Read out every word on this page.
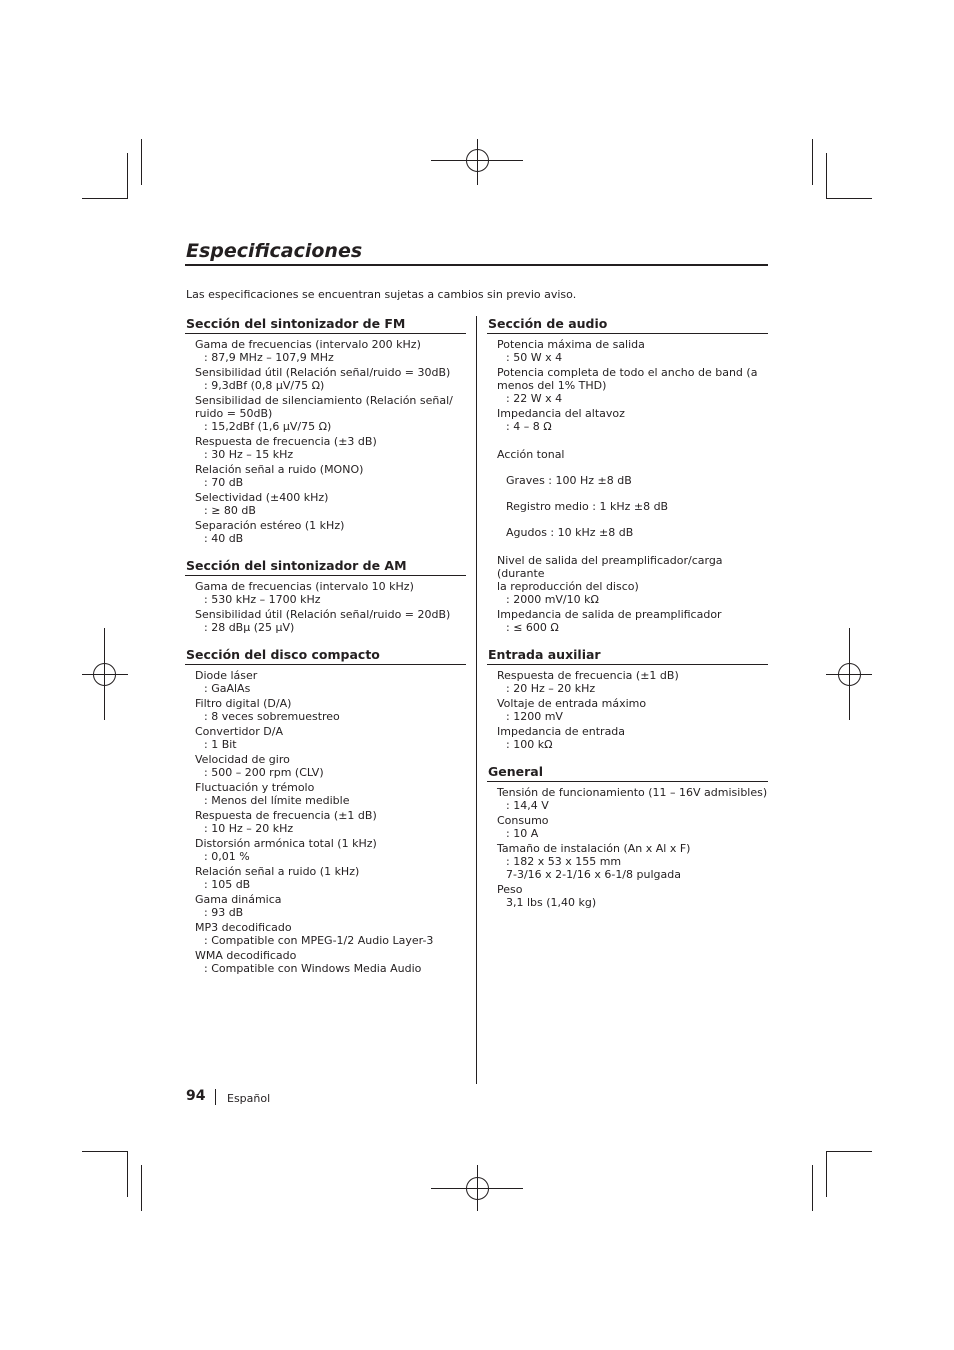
Especificaciones
Las especificaciones se encuentran sujetas a cambios sin previo aviso.
Sección del sintonizador de FM
Gama de frecuencias (intervalo 200 kHz)
: 87,9 MHz – 107,9 MHz
Sensibilidad útil (Relación señal/ruido = 30dB)
: 9,3dBf (0,8 μV/75 Ω)
Sensibilidad de silenciamiento (Relación señal/
ruido = 50dB)
: 15,2dBf (1,6 μV/75 Ω)
Respuesta de frecuencia (±3 dB)
: 30 Hz – 15 kHz
Relación señal a ruido (MONO)
: 70 dB
Selectividad (±400 kHz)
: ≥ 80 dB
Separación estéreo (1 kHz)
: 40 dB
Sección del sintonizador de AM
Gama de frecuencias (intervalo 10 kHz)
: 530 kHz – 1700 kHz
Sensibilidad útil (Relación señal/ruido = 20dB)
: 28 dBμ (25 μV)
Sección del disco compacto
Diode láser
: GaAlAs
Filtro digital (D/A)
: 8 veces sobremuestreo
Convertidor D/A
: 1 Bit
Velocidad de giro
: 500 – 200 rpm (CLV)
Fluctuación y trémolo
: Menos del límite medible
Respuesta de frecuencia (±1 dB)
: 10 Hz – 20 kHz
Distorsión armónica total (1 kHz)
: 0,01 %
Relación señal a ruido (1 kHz)
: 105 dB
Gama dinámica
: 93 dB
MP3 decodificado
: Compatible con MPEG-1/2 Audio Layer-3
WMA decodificado
: Compatible con Windows Media Audio
Sección de audio
Potencia máxima de salida
: 50 W x 4
Potencia completa de todo el ancho de band (a
menos del 1% THD)
: 22 W x 4
Impedancia del altavoz
: 4 – 8 Ω

Acción tonal

Graves : 100 Hz ±8 dB

Registro medio : 1 kHz ±8 dB

Agudos : 10 kHz ±8 dB

Nivel de salida del preamplificador/carga (durante
la reproducción del disco)
: 2000 mV/10 kΩ
Impedancia de salida de preamplificador
: ≤ 600 Ω
Entrada auxiliar
Respuesta de frecuencia (±1 dB)
: 20 Hz – 20 kHz
Voltaje de entrada máximo
: 1200 mV
Impedancia de entrada
: 100 kΩ
General
Tensión de funcionamiento (11 – 16V admisibles)
: 14,4 V
Consumo
: 10 A
Tamaño de instalación (An x Al x F)
: 182 x 53 x 155 mm
7-3/16 x 2-1/16 x 6-1/8 pulgada
Peso
3,1 lbs (1,40 kg)
94 Español
